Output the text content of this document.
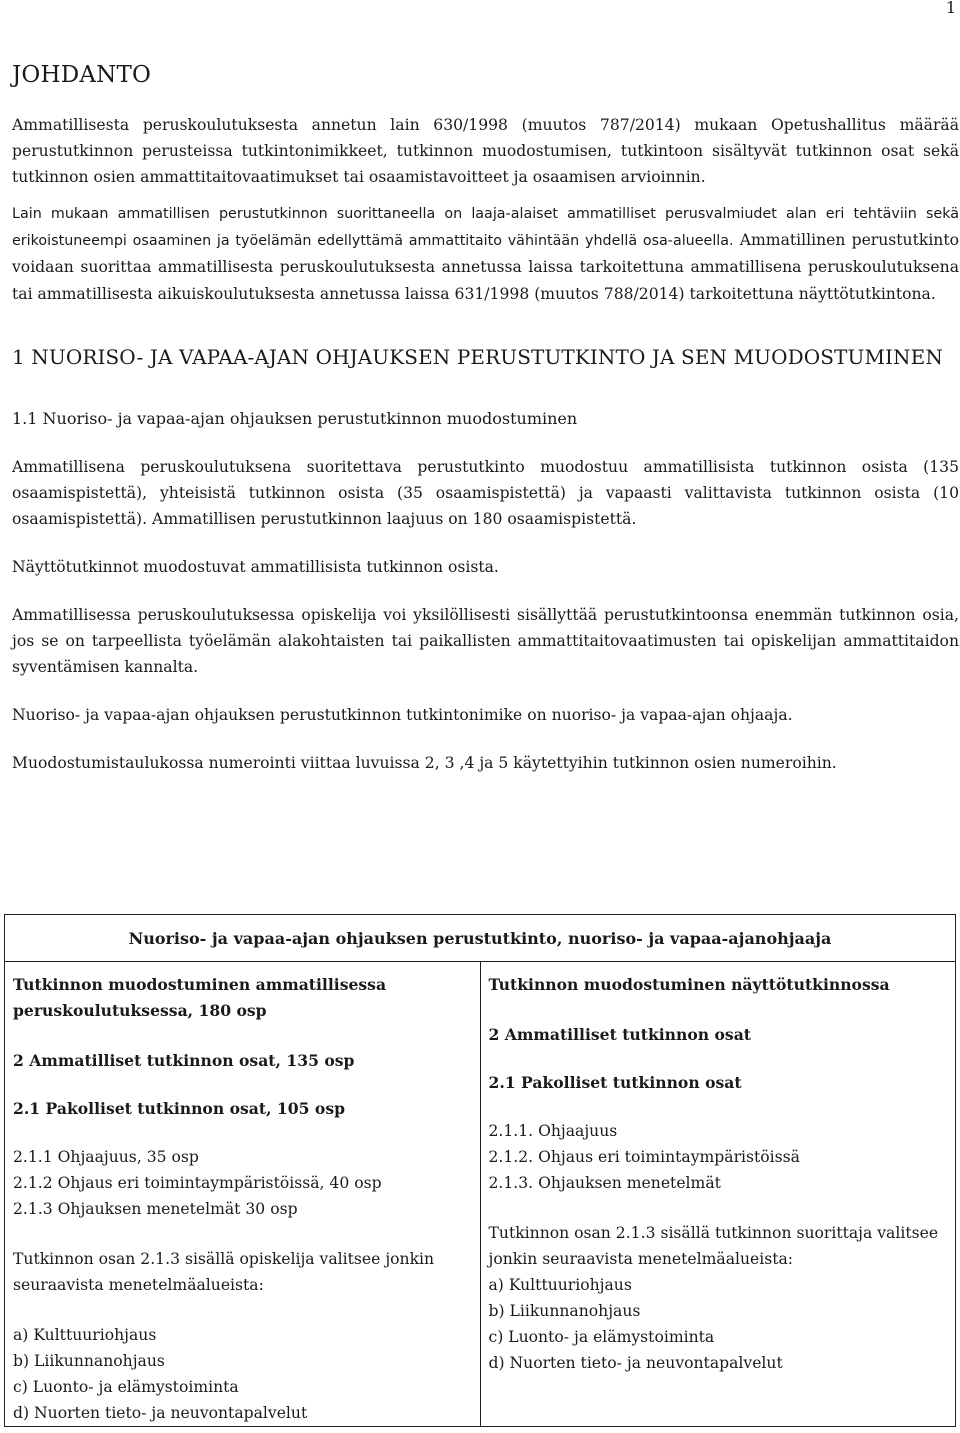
1
JOHDANTO

Ammatillisesta peruskoulutuksesta annetun lain 630/1998 (muutos 787/2014) mukaan Opetushallitus määrää perustutkinnon perusteissa tutkintonimikkeet, tutkinnon muodostumisen, tutkintoon sisältyvät tutkinnon osat sekä tutkinnon osien ammattitaitovaatimukset tai osaamistavoitteet ja osaamisen arvioinnin.

Lain mukaan ammatillisen perustutkinnon suorittaneella on laaja-alaiset ammatilliset perusvalmiudet alan eri tehtäviin sekä erikoistuneempi osaaminen ja työelämän edellyttämä ammattitaito vähintään yhdellä osa-alueella. Ammatillinen perustutkinto voidaan suorittaa ammatillisesta peruskoulutuksesta annetussa laissa tarkoitettuna ammatillisena peruskoulutuksena tai ammatillisesta aikuiskoulutuksesta annetussa laissa 631/1998 (muutos 788/2014) tarkoitettuna näyttötutkintona.

1 NUORISO- JA VAPAA-AJAN OHJAUKSEN PERUSTUTKINTO JA SEN MUODOSTUMINEN
1.1 Nuoriso- ja vapaa-ajan ohjauksen perustutkinnon muodostuminen

Ammatillisena peruskoulutuksena suoritettava perustutkinto muodostuu ammatillisista tutkinnon osista (135 osaamispistettä), yhteisistä tutkinnon osista (35 osaamispistettä) ja vapaasti valittavista tutkinnon osista (10 osaamispistettä). Ammatillisen perustutkinnon laajuus on 180 osaamispistettä.

Näyttötutkinnot muodostuvat ammatillisista tutkinnon osista.

Ammatillisessa peruskoulutuksessa opiskelija voi yksilöllisesti sisällyttää perustutkintoonsa enemmän tutkinnon osia, jos se on tarpeellista työelämän alakohtaisten tai paikallisten ammattitaitovaatimusten tai opiskelijan ammattitaidon syventämisen kannalta.

Nuoriso- ja vapaa-ajan ohjauksen perustutkinnon tutkintonimike on nuoriso- ja vapaa-ajan ohjaaja.

Muodostumistaulukossa numerointi viittaa luvuissa 2, 3 ,4 ja 5 käytettyihin tutkinnon osien numeroihin.

Nuoriso- ja vapaa-ajan ohjauksen perustutkinto, nuoriso- ja vapaa-ajanohjaaja

Tutkinnon muodostuminen ammatillisessa peruskoulutuksessa, 180 osp
2 Ammatilliset tutkinnon osat, 135 osp
2.1 Pakolliset tutkinnon osat, 105 osp
2.1.1 Ohjaajuus, 35 osp
2.1.2 Ohjaus eri toimintaympäristöissä, 40 osp
2.1.3 Ohjauksen menetelmät 30 osp
Tutkinnon osan 2.1.3 sisällä opiskelija valitsee jonkin seuraavista menetelmäalueista:
a) Kulttuuriohjaus
b) Liikunnanohjaus
c) Luonto- ja elämystoiminta
d) Nuorten tieto- ja neuvontapalvelut

Tutkinnon muodostuminen näyttötutkinnossa
2 Ammatilliset tutkinnon osat
2.1 Pakolliset tutkinnon osat
2.1.1. Ohjaajuus
2.1.2. Ohjaus eri toimintaympäristöissä
2.1.3. Ohjauksen menetelmät
Tutkinnon osan 2.1.3 sisällä tutkinnon suorittaja valitsee jonkin seuraavista menetelmäalueista:
a) Kulttuuriohjaus
b) Liikunnanohjaus
c) Luonto- ja elämystoiminta
d) Nuorten tieto- ja neuvontapalvelut
